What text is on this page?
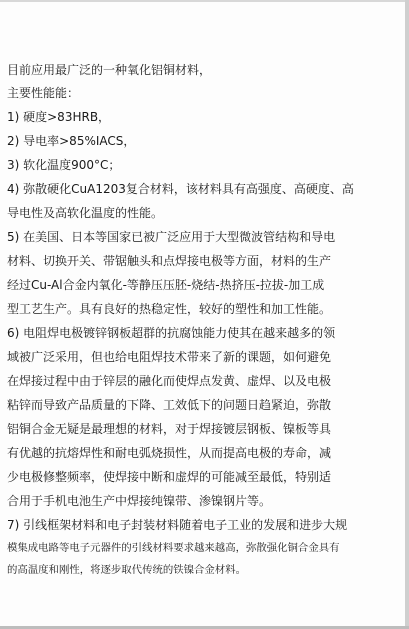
目前应用最广泛的一种氧化铝铜材料，
主要性能能：
1) 硬度>83HRB，
2) 导电率>85%IACS，
3) 软化温度900°C；
4) 弥散硬化CuA1203复合材料，该材料具有高强度、高硬度、高
导电性及高软化温度的性能。
5) 在美国、日本等国家已被广泛应用于大型微波管结构和导电
材料、切换开关、带锯触头和点焊接电极等方面，材料的生产
经过Cu-Al合金内氧化-等静压压胚-烧结-热挤压-拉拔-加工成
型工艺生产。具有良好的热稳定性，较好的塑性和加工性能。
6) 电阻焊电极镀锌钢板超群的抗腐蚀能力使其在越来越多的领
域被广泛采用，但也给电阻焊技术带来了新的课题，如何避免
在焊接过程中由于锌层的融化而使焊点发黄、虚焊、以及电极
粘锌而导致产品质量的下降、工效低下的问题日趋紧迫，弥散
铝铜合金无疑是最理想的材料，对于焊接镀层钢板、镍板等具
有优越的抗熔焊性和耐电弧烧损性，从而提高电极的寿命，减
少电极修整频率，使焊接中断和虚焊的可能减至最低，特别适
合用于手机电池生产中焊接纯镍带、渗镍钢片等。
7) 引线框架材料和电子封装材料随着电子工业的发展和进步大规
模集成电路等电子元器件的引线材料要求越来越高，弥散强化铜合金具有
的高温度和刚性，将逐步取代传统的铁镍合金材料。
